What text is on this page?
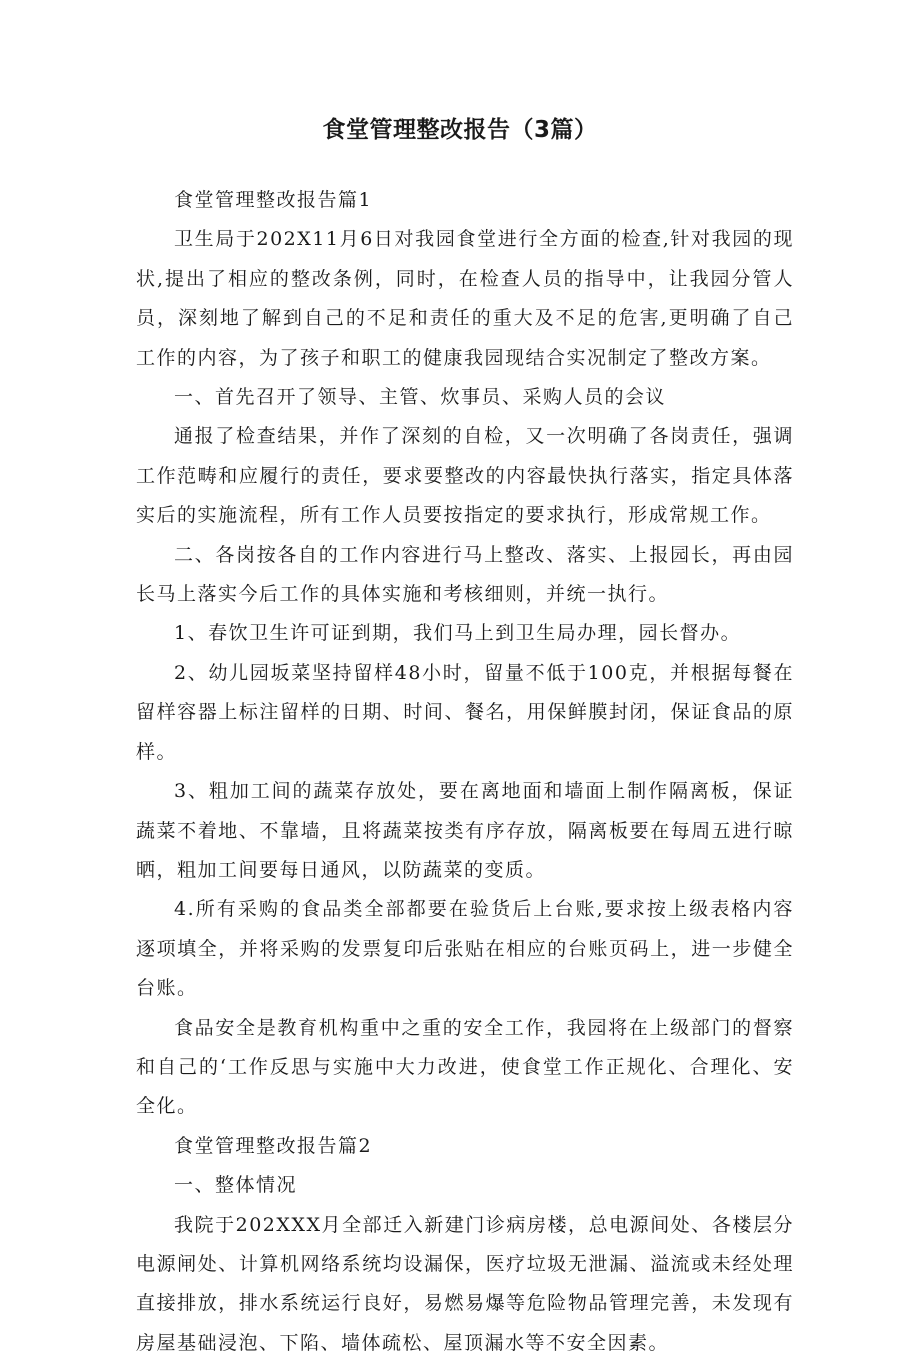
食堂管理整改报告（3篇）

食堂管理整改报告篇1

卫生局于202X11月6日对我园食堂进行全方面的检查,针对我园的现状,提出了相应的整改条例，同时，在检查人员的指导中，让我园分管人员，深刻地了解到自己的不足和责任的重大及不足的危害,更明确了自己工作的内容，为了孩子和职工的健康我园现结合实况制定了整改方案。

一、首先召开了领导、主管、炊事员、采购人员的会议

通报了检查结果，并作了深刻的自检，又一次明确了各岗责任，强调工作范畴和应履行的责任，要求要整改的内容最快执行落实，指定具体落实后的实施流程，所有工作人员要按指定的要求执行，形成常规工作。

二、各岗按各自的工作内容进行马上整改、落实、上报园长，再由园长马上落实今后工作的具体实施和考核细则，并统一执行。

1、春饮卫生许可证到期，我们马上到卫生局办理，园长督办。

2、幼儿园坂菜坚持留样48小时，留量不低于100克，并根据每餐在留样容器上标注留样的日期、时间、餐名，用保鲜膜封闭，保证食品的原样。

3、粗加工间的蔬菜存放处，要在离地面和墙面上制作隔离板，保证蔬菜不着地、不靠墙，且将蔬菜按类有序存放，隔离板要在每周五进行晾晒，粗加工间要每日通风，以防蔬菜的变质。

4.所有采购的食品类全部都要在验货后上台账,要求按上级表格内容逐项填全，并将采购的发票复印后张贴在相应的台账页码上，进一步健全台账。

食品安全是教育机构重中之重的安全工作，我园将在上级部门的督察和自己的‘工作反思与实施中大力改进，使食堂工作正规化、合理化、安全化。

食堂管理整改报告篇2

一、整体情况

我院于202XXX月全部迁入新建门诊病房楼，总电源间处、各楼层分电源闸处、计算机网络系统均设漏保，医疗垃圾无泄漏、溢流或未经处理直接排放，排水系统运行良好，易燃易爆等危险物品管理完善，未发现有房屋基础浸泡、下陷、墙体疏松、屋顶漏水等不安全因素。
